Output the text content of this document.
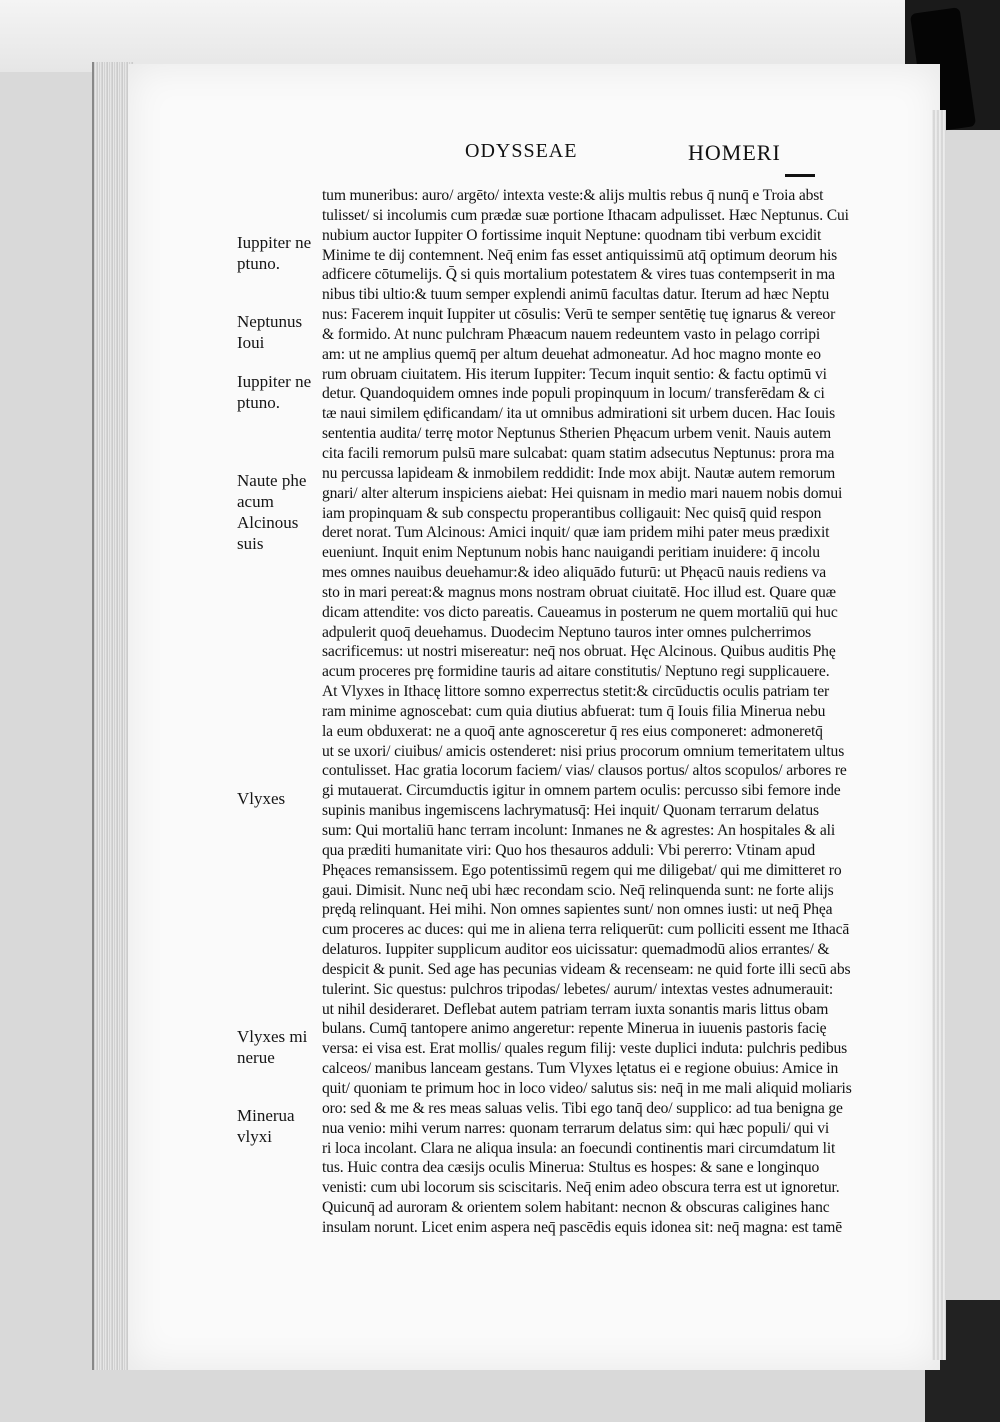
ODYSSEAE	HOMERI
Iuppiter ne
ptuno.
Neptunus
Ioui
Iuppiter ne
ptuno.
Naute phe
acum
Alcinous
suis
Vlyxes
Vlyxes mi
nerue
Minerua
vlyxi
tum muneribus: auro/ argēto/ intexta veste:& alijs multis rebus q̄ nunq̄ e Troia abst
tulisset/ si incolumis cum prædæ suæ portione Ithacam adpulisset. Hæc Neptunus. Cui
nubium auctor Iuppiter O fortissime inquit Neptune: quodnam tibi verbum excidit
Minime te dij contemnent. Neq̄ enim fas esset antiquissimū atq̄ optimum deorum his
adficere cōtumelijs. Q̄ si quis mortalium potestatem & vires tuas contempserit in ma
nibus tibi ultio:& tuum semper explendi animū facultas datur. Iterum ad hæc Neptu
nus: Facerem inquit Iuppiter ut cōsulis: Verū te semper sentētię tuę ignarus & vereor
& formido. At nunc pulchram Phæacum nauem redeuntem vasto in pelago corripi
am: ut ne amplius quemq̄ per altum deuehat admoneatur. Ad hoc magno monte eo
rum obruam ciuitatem. His iterum Iuppiter: Tecum inquit sentio: & factu optimū vi
detur. Quandoquidem omnes inde populi propinquum in locum/ transferēdam & ci
tæ naui similem ędificandam/ ita ut omnibus admirationi sit urbem ducen. Hac Iouis
sententia audita/ terrę motor Neptunus Stherien Phęacum urbem venit. Nauis autem
cita facili remorum pulsū mare sulcabat: quam statim adsecutus Neptunus: prora ma
nu percussa lapideam & inmobilem reddidit: Inde mox abijt. Nautæ autem remorum
gnari/ alter alterum inspiciens aiebat: Hei quisnam in medio mari nauem nobis domui
iam propinquam & sub conspectu properantibus colligauit: Nec quisq̄ quid respon
deret norat. Tum Alcinous: Amici inquit/ quæ iam pridem mihi pater meus prædixit
eueniunt. Inquit enim Neptunum nobis hanc nauigandi peritiam inuidere: q̄ incolu
mes omnes nauibus deuehamur:& ideo aliquādo futurū: ut Phęacū nauis rediens va
sto in mari pereat:& magnus mons nostram obruat ciuitatē. Hoc illud est. Quare quæ
dicam attendite: vos dicto pareatis. Caueamus in posterum ne quem mortaliū qui huc
adpulerit quoq̄ deuehamus. Duodecim Neptuno tauros inter omnes pulcherrimos
sacrificemus: ut nostri misereatur: neq̄ nos obruat. Hęc Alcinous. Quibus auditis Phę
acum proceres prę formidine tauris ad aitare constitutis/ Neptuno regi supplicauere.
At Vlyxes in Ithacę littore somno experrectus stetit:& circūductis oculis patriam ter
ram minime agnoscebat: cum quia diutius abfuerat: tum q̄ Iouis filia Minerua nebu
la eum obduxerat: ne a quoq̄ ante agnosceretur q̄ res eius componeret: admoneretq̄
ut se uxori/ ciuibus/ amicis ostenderet: nisi prius procorum omnium temeritatem ultus
contulisset. Hac gratia locorum faciem/ vias/ clausos portus/ altos scopulos/ arbores re
gi mutauerat. Circumductis igitur in omnem partem oculis: percusso sibi femore inde
supinis manibus ingemiscens lachrymatusq̄: Hei inquit/ Quonam terrarum delatus
sum: Qui mortaliū hanc terram incolunt: Inmanes ne & agrestes: An hospitales & ali
qua præditi humanitate viri: Quo hos thesauros adduli: Vbi pererro: Vtinam apud
Phęaces remansissem. Ego potentissimū regem qui me diligebat/ qui me dimitteret ro
gaui. Dimisit. Nunc neq̄ ubi hæc recondam scio. Neq̄ relinquenda sunt: ne forte alijs
prędą relinquant. Hei mihi. Non omnes sapientes sunt/ non omnes iusti: ut neq̄ Phęa
cum proceres ac duces: qui me in aliena terra reliquerūt: cum polliciti essent me Ithacā
delaturos. Iuppiter supplicum auditor eos uicissatur: quemadmodū alios errantes/ &
despicit & punit. Sed age has pecunias videam & recenseam: ne quid forte illi secū abs
tulerint. Sic questus: pulchros tripodas/ lebetes/ aurum/ intextas vestes adnumerauit:
ut nihil desideraret. Deflebat autem patriam terram iuxta sonantis maris littus obam
bulans. Cumq̄ tantopere animo angeretur: repente Minerua in iuuenis pastoris facię
versa: ei visa est. Erat mollis/ quales regum filij: veste duplici induta: pulchris pedibus
calceos/ manibus lanceam gestans. Tum Vlyxes lętatus ei e regione obuius: Amice in
quit/ quoniam te primum hoc in loco video/ salutus sis: neq̄ in me mali aliquid moliaris
oro: sed & me & res meas saluas velis. Tibi ego tanq̄ deo/ supplico: ad tua benigna ge
nua venio: mihi verum narres: quonam terrarum delatus sim: qui hæc populi/ qui vi
ri loca incolant. Clara ne aliqua insula: an foecundi continentis mari circumdatum lit
tus. Huic contra dea cæsijs oculis Minerua: Stultus es hospes: & sane e longinquo
venisti: cum ubi locorum sis sciscitaris. Neq̄ enim adeo obscura terra est ut ignoretur.
Quicunq̄ ad auroram & orientem solem habitant: necnon & obscuras caligines hanc
insulam norunt. Licet enim aspera neq̄ pascēdis equis idonea sit: neq̄ magna: est tamē
